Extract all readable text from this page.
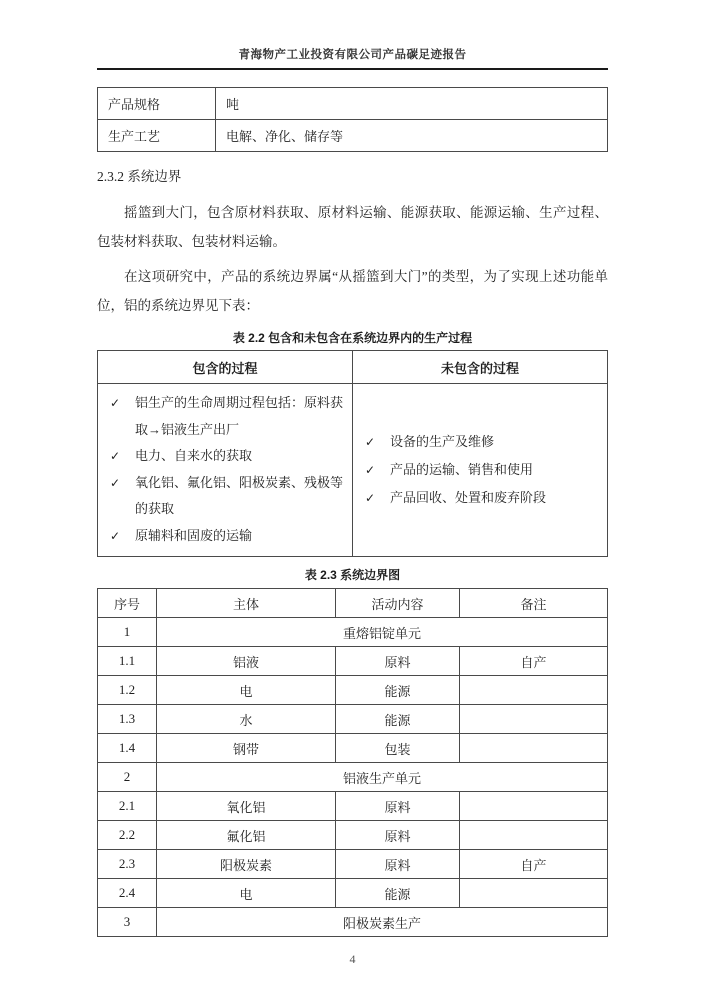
青海物产工业投资有限公司产品碳足迹报告
产品规格	吨
生产工艺	电解、净化、储存等

2.3.2 系统边界

摇篮到大门，包含原材料获取、原材料运输、能源获取、能源运输、生产过程、包装材料获取、包装材料运输。

在这项研究中，产品的系统边界属“从摇篮到大门”的类型，为了实现上述功能单位，铝的系统边界见下表：

表 2.2 包含和未包含在系统边界内的生产过程
包含的过程	未包含的过程

✓ 铝生产的生命周期过程包括：原料获取→铝液生产出厂
✓ 电力、自来水的获取
✓ 氧化铝、氟化铝、阳极炭素、残极等的获取
✓ 原辅料和固废的运输

✓ 设备的生产及维修
✓ 产品的运输、销售和使用
✓ 产品回收、处置和废弃阶段
表 2.3 系统边界图
序号	主体	活动内容	备注
1	重熔铝锭单元		
1.1	铝液	原料	自产
1.2	电	能源	
1.3	水	能源	
1.4	钢带	包装	
2	铝液生产单元		
2.1	氧化铝	原料	
2.2	氟化铝	原料	
2.3	阳极炭素	原料	自产
2.4	电	能源	
3	阳极炭素生产		
4
